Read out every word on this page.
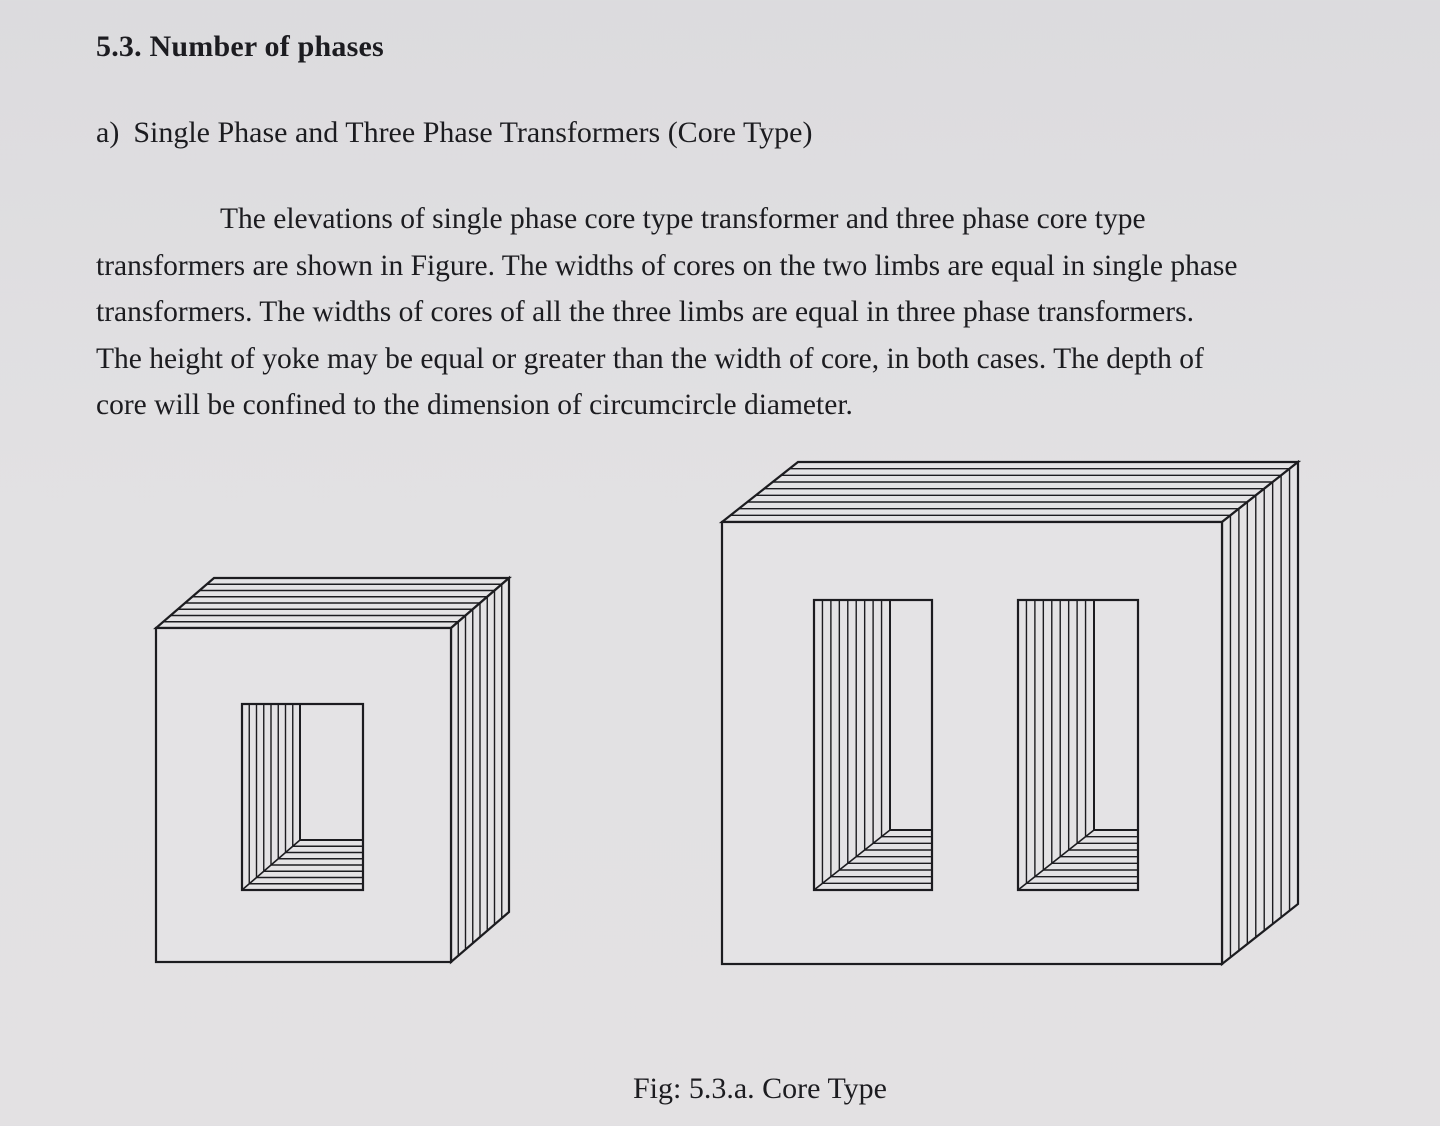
5.3. Number of phases
a) Single Phase and Three Phase Transformers (Core Type)
The elevations of single phase core type transformer and three phase core type
transformers are shown in Figure. The widths of cores on the two limbs are equal in single phase
transformers. The widths of cores of all the three limbs are equal in three phase transformers.
The height of yoke may be equal or greater than the width of core, in both cases. The depth of
core will be confined to the dimension of circumcircle diameter.
Fig: 5.3.a. Core Type
